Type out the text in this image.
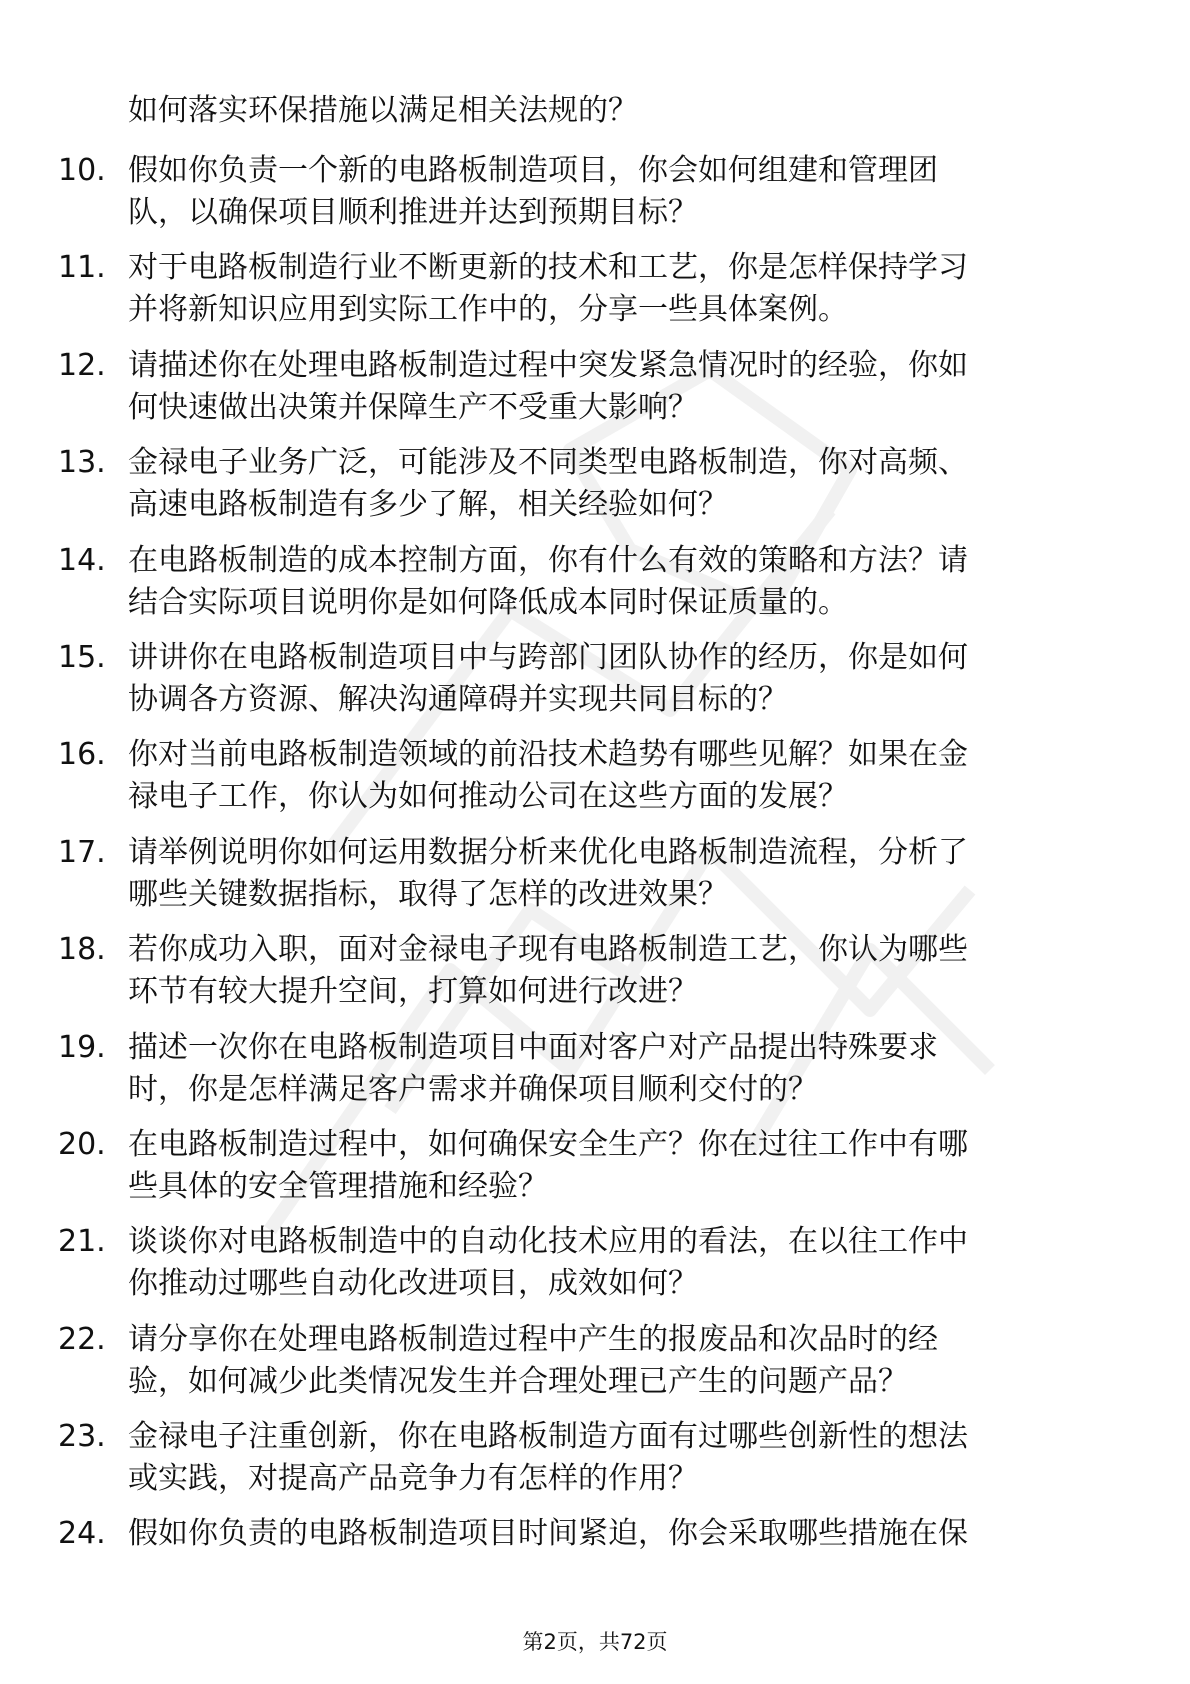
如何落实环保措施以满足相关法规的？
10. 假如你负责一个新的电路板制造项目，你会如何组建和管理团
队，以确保项目顺利推进并达到预期目标？
11. 对于电路板制造行业不断更新的技术和工艺，你是怎样保持学习
并将新知识应用到实际工作中的，分享一些具体案例。
12. 请描述你在处理电路板制造过程中突发紧急情况时的经验，你如
何快速做出决策并保障生产不受重大影响？
13. 金禄电子业务广泛，可能涉及不同类型电路板制造，你对高频、
高速电路板制造有多少了解，相关经验如何？
14. 在电路板制造的成本控制方面，你有什么有效的策略和方法？请
结合实际项目说明你是如何降低成本同时保证质量的。
15. 讲讲你在电路板制造项目中与跨部门团队协作的经历，你是如何
协调各方资源、解决沟通障碍并实现共同目标的？
16. 你对当前电路板制造领域的前沿技术趋势有哪些见解？如果在金
禄电子工作，你认为如何推动公司在这些方面的发展？
17. 请举例说明你如何运用数据分析来优化电路板制造流程，分析了
哪些关键数据指标，取得了怎样的改进效果？
18. 若你成功入职，面对金禄电子现有电路板制造工艺，你认为哪些
环节有较大提升空间，打算如何进行改进？
19. 描述一次你在电路板制造项目中面对客户对产品提出特殊要求
时，你是怎样满足客户需求并确保项目顺利交付的？
20. 在电路板制造过程中，如何确保安全生产？你在过往工作中有哪
些具体的安全管理措施和经验？
21. 谈谈你对电路板制造中的自动化技术应用的看法，在以往工作中
你推动过哪些自动化改进项目，成效如何？
22. 请分享你在处理电路板制造过程中产生的报废品和次品时的经
验，如何减少此类情况发生并合理处理已产生的问题产品？
23. 金禄电子注重创新，你在电路板制造方面有过哪些创新性的想法
或实践，对提高产品竞争力有怎样的作用？
24. 假如你负责的电路板制造项目时间紧迫，你会采取哪些措施在保
第2页，共72页
